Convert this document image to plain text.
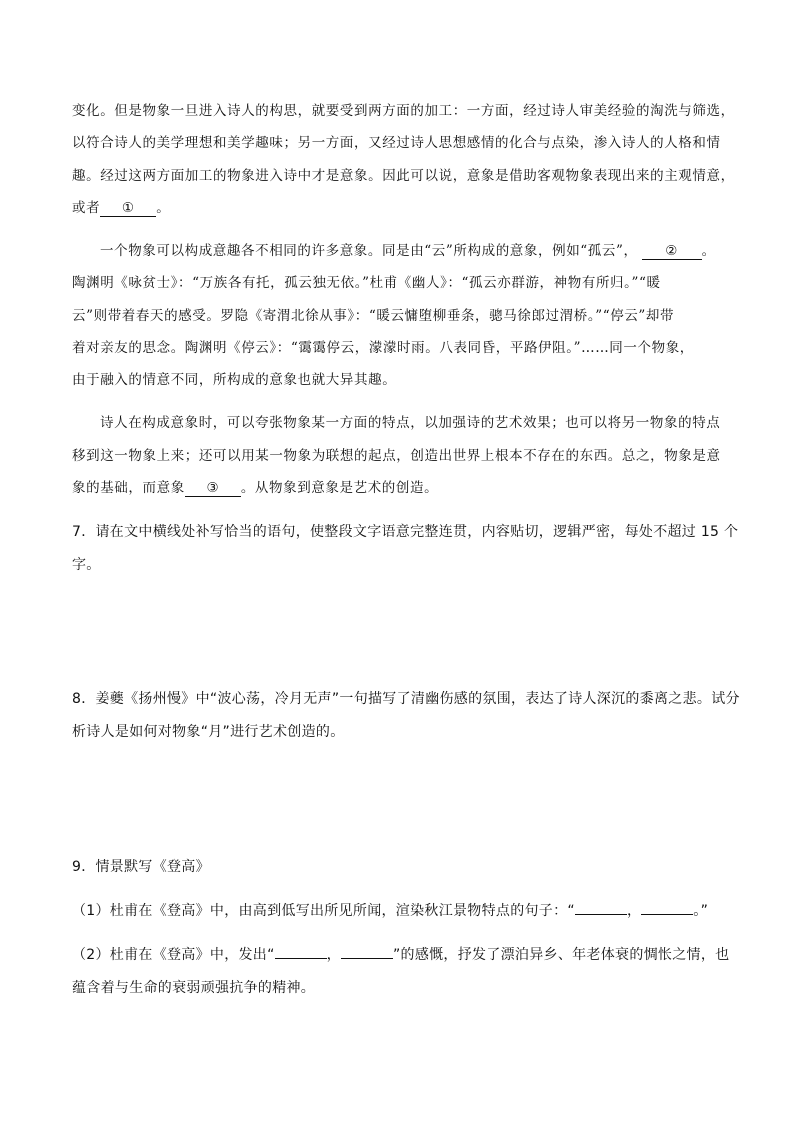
变化。但是物象一旦进入诗人的构思，就要受到两方面的加工：一方面，经过诗人审美经验的淘洗与筛选，
以符合诗人的美学理想和美学趣味；另一方面，又经过诗人思想感情的化合与点染，渗入诗人的人格和情
趣。经过这两方面加工的物象进入诗中才是意象。因此可以说，意象是借助客观物象表现出来的主观情意，
或者 ① 。
一个物象可以构成意趣各不相同的许多意象。同是由“云”所构成的意象，例如“孤云”， ② 。
陶渊明《咏贫士》：“万族各有托，孤云独无依。”杜甫《幽人》：“孤云亦群游，神物有所归。”“暖
云”则带着春天的感受。罗隐《寄渭北徐从事》：“暖云慵堕柳垂条，骢马徐郎过渭桥。”“停云”却带
着对亲友的思念。陶渊明《停云》：“霭霭停云，濛濛时雨。八表同昏，平路伊阻。”……同一个物象，
由于融入的情意不同，所构成的意象也就大异其趣。
诗人在构成意象时，可以夸张物象某一方面的特点，以加强诗的艺术效果；也可以将另一物象的特点
移到这一物象上来；还可以用某一物象为联想的起点，创造出世界上根本不存在的东西。总之，物象是意
象的基础，而意象 ③ 。从物象到意象是艺术的创造。
7．请在文中横线处补写恰当的语句，使整段文字语意完整连贯，内容贴切，逻辑严密，每处不超过 15 个
字。
8．姜夔《扬州慢》中“波心荡，冷月无声”一句描写了清幽伤感的氛围，表达了诗人深沉的黍离之悲。试分
析诗人是如何对物象“月”进行艺术创造的。
9．情景默写《登高》
（1）杜甫在《登高》中，由高到低写出所见所闻，渲染秋江景物特点的句子：“	，	。”
（2）杜甫在《登高》中，发出“	，	”的感慨，抒发了漂泊异乡、年老体衰的惆怅之情，也
蕴含着与生命的衰弱顽强抗争的精神。
